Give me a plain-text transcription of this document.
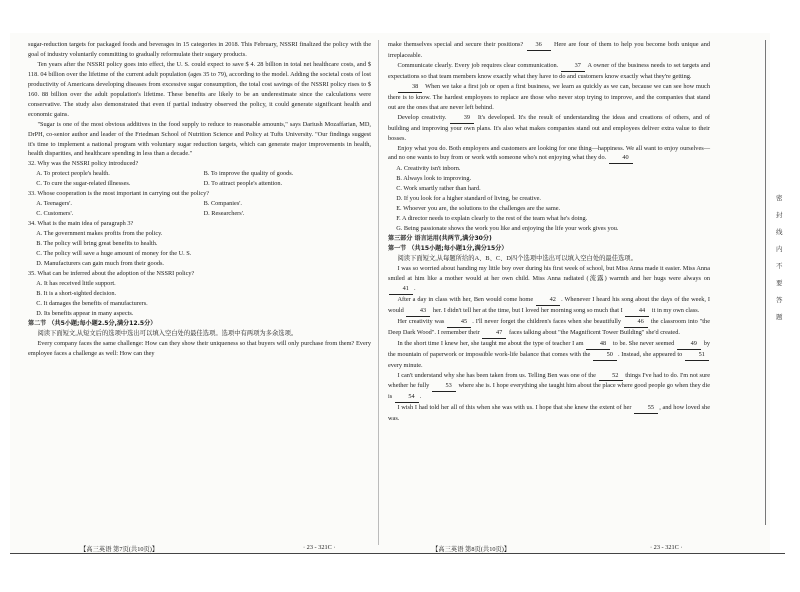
sugar-reduction targets for packaged foods and beverages in 15 categories in 2018. This February, NSSRI finalized the policy with the goal of industry voluntarily committing to gradually reformulate their sugary products.

Ten years after the NSSRI policy goes into effect, the U. S. could expect to save $ 4. 28 billion in total net healthcare costs, and $ 118. 04 billion over the lifetime of the current adult population (ages 35 to 79), according to the model. Adding the societal costs of lost productivity of Americans developing diseases from excessive sugar consumption, the total cost savings of the NSSRI policy rises to $ 160. 88 billion over the adult population's lifetime. These benefits are likely to be an underestimate since the calculations were conservative. The study also demonstrated that even if partial industry observed the policy, it could generate significant health and economic gains.

"Sugar is one of the most obvious additives in the food supply to reduce to reasonable amounts," says Dariush Mozaffarian, MD, DrPH, co-senior author and leader of the Friedman School of Nutrition Science and Policy at Tufts University. "Our findings suggest it's time to implement a national program with voluntary sugar reduction targets, which can generate major improvements in health, health disparities, and healthcare spending in less than a decade."

32. Why was the NSSRI policy introduced?

A. To protect people's health.	B. To improve the quality of goods.
C. To cure the sugar-related illnesses.	D. To attract people's attention.

33. Whose cooperation is the most important in carrying out the policy?

A. Teenagers'.	B. Companies'.
C. Customers'.	D. Researchers'.

34. What is the main idea of paragraph 3?

A. The government makes profits from the policy.

B. The policy will bring great benefits to health.

C. The policy will save a huge amount of money for the U. S.

D. Manufacturers can gain much from their goods.

35. What can be inferred about the adoption of the NSSRI policy?

A. It has received little support.

B. It is a short-sighted decision.

C. It damages the benefits of manufacturers.

D. Its benefits appear in many aspects.

第二节 （共5小题;每小题2.5分,满分12.5分）

阅读下面短文,从短文后的选项中选出可以填入空白处的最佳选项。选项中有两项为多余选项。

Every company faces the same challenge: How can they show their uniqueness so that buyers will only purchase from them? Every employee faces a challenge as well: How can they

【高三英语 第7页(共10页)】	· 23 - 321C ·

make themselves special and secure their positions? 36 Here are four of them to help you become both unique and irreplaceable.

Communicate clearly. Every job requires clear communication.	37 A owner of the business needs to set targets and expectations so that team members know exactly what they have to do and customers know exactly what they're getting.

38 When we take a first job or open a first business, we learn as quickly as we can, because we can see how much there is to know. The hardest employees to replace are those who never stop trying to improve, and the companies that stand out are the ones that are never left behind.

Develop creativity.	39 It's developed. It's the result of understanding the ideas and creations of others, and of building and improving your own plans. It's also what makes companies stand out and employees deliver extra value to their bosses.

Enjoy what you do. Both employers and customers are looking for one thing—happiness. We all want to enjoy ourselves—and no one wants to buy from or work with someone who's not enjoying what they do.	40

A. Creativity isn't inborn.

B. Always look to improving.

C. Work smartly rather than hard.

D. If you look for a higher standard of living, be creative.

E. Whoever you are, the solutions to the challenges are the same.

F. A director needs to explain clearly to the rest of the team what he's doing.

G. Being passionate shows the work you like and enjoying the life your work gives you.

第三部分 语言运用(共两节,满分30分)

第一节 （共15小题;每小题1分,满分15分）

阅读下面短文,从每题所给的A、B、C、D四个选项中选出可以填入空白处的最佳选项。

I was so worried about handing my little boy over during his first week of school, but Miss Anna made it easier. Miss Anna smiled at him like a mother would at her own child. Miss Anna radiated (流露) warmth and her hugs were always on 41 .

After a day in class with her, Ben would come home	42 . Whenever I heard his song about the days of the week, I would	43 her. I didn't tell her at the time, but I loved her morning song so much that I	44 it in my own class.

Her creativity was	45 . I'll never forget the children's faces when she beautifully	46 the classroom into "the Deep Dark Wood". I remember their	47 faces talking about "the Magnificent Tower Building" she'd created.

In the short time I knew her, she taught me about the type of teacher I am	48 to be. She never seemed	49 by the mountain of paperwork or impossible work-life balance that comes with the	50 . Instead, she appeared to	51 every minute.

I can't understand why she has been taken from us. Telling Ben was one of the	52 things I've had to do. I'm not sure whether he fully	53 where she is. I hope everything she taught him about the place where good people go when they die is	54 .

I wish I had told her all of this when she was with us. I hope that she knew the extent of her	55 , and how loved she was.

【高三英语 第8页(共10页)】	· 23 - 321C ·
密封线内不要答题
